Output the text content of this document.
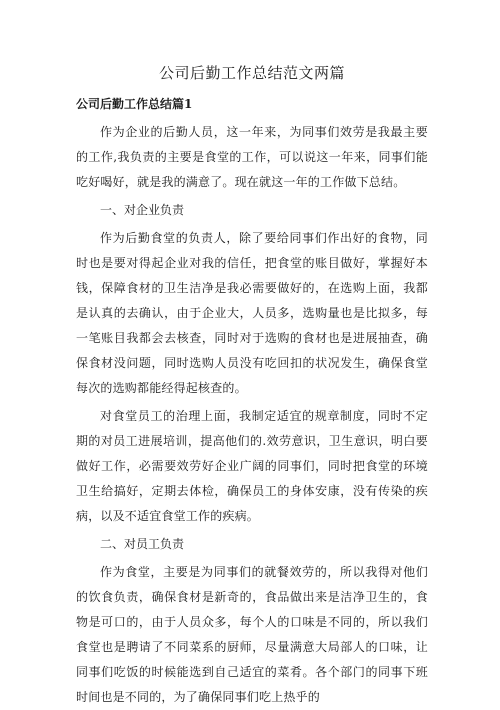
公司后勤工作总结范文两篇
公司后勤工作总结篇1

作为企业的后勤人员，这一年来，为同事们效劳是我最主要的工作,我负责的主要是食堂的工作，可以说这一年来，同事们能吃好喝好，就是我的满意了。现在就这一年的工作做下总结。

一、对企业负责

作为后勤食堂的负责人，除了要给同事们作出好的食物，同时也是要对得起企业对我的信任，把食堂的账目做好，掌握好本钱，保障食材的卫生洁净是我必需要做好的，在选购上面，我都是认真的去确认，由于企业大，人员多，选购量也是比拟多，每一笔账目我都会去核查，同时对于选购的食材也是进展抽查，确保食材没问题，同时选购人员没有吃回扣的状况发生，确保食堂每次的选购都能经得起核查的。

对食堂员工的治理上面，我制定适宜的规章制度，同时不定期的对员工进展培训，提高他们的.效劳意识，卫生意识，明白要做好工作，必需要效劳好企业广阔的同事们，同时把食堂的环境卫生给搞好，定期去体检，确保员工的身体安康，没有传染的疾病，以及不适宜食堂工作的疾病。

二、对员工负责

作为食堂，主要是为同事们的就餐效劳的，所以我得对他们的饮食负责，确保食材是新奇的，食品做出来是洁净卫生的，食物是可口的，由于人员众多，每个人的口味是不同的，所以我们食堂也是聘请了不同菜系的厨师，尽量满意大局部人的口味，让同事们吃饭的时候能选到自己适宜的菜肴。各个部门的同事下班时间也是不同的，为了确保同事们吃上热乎的
